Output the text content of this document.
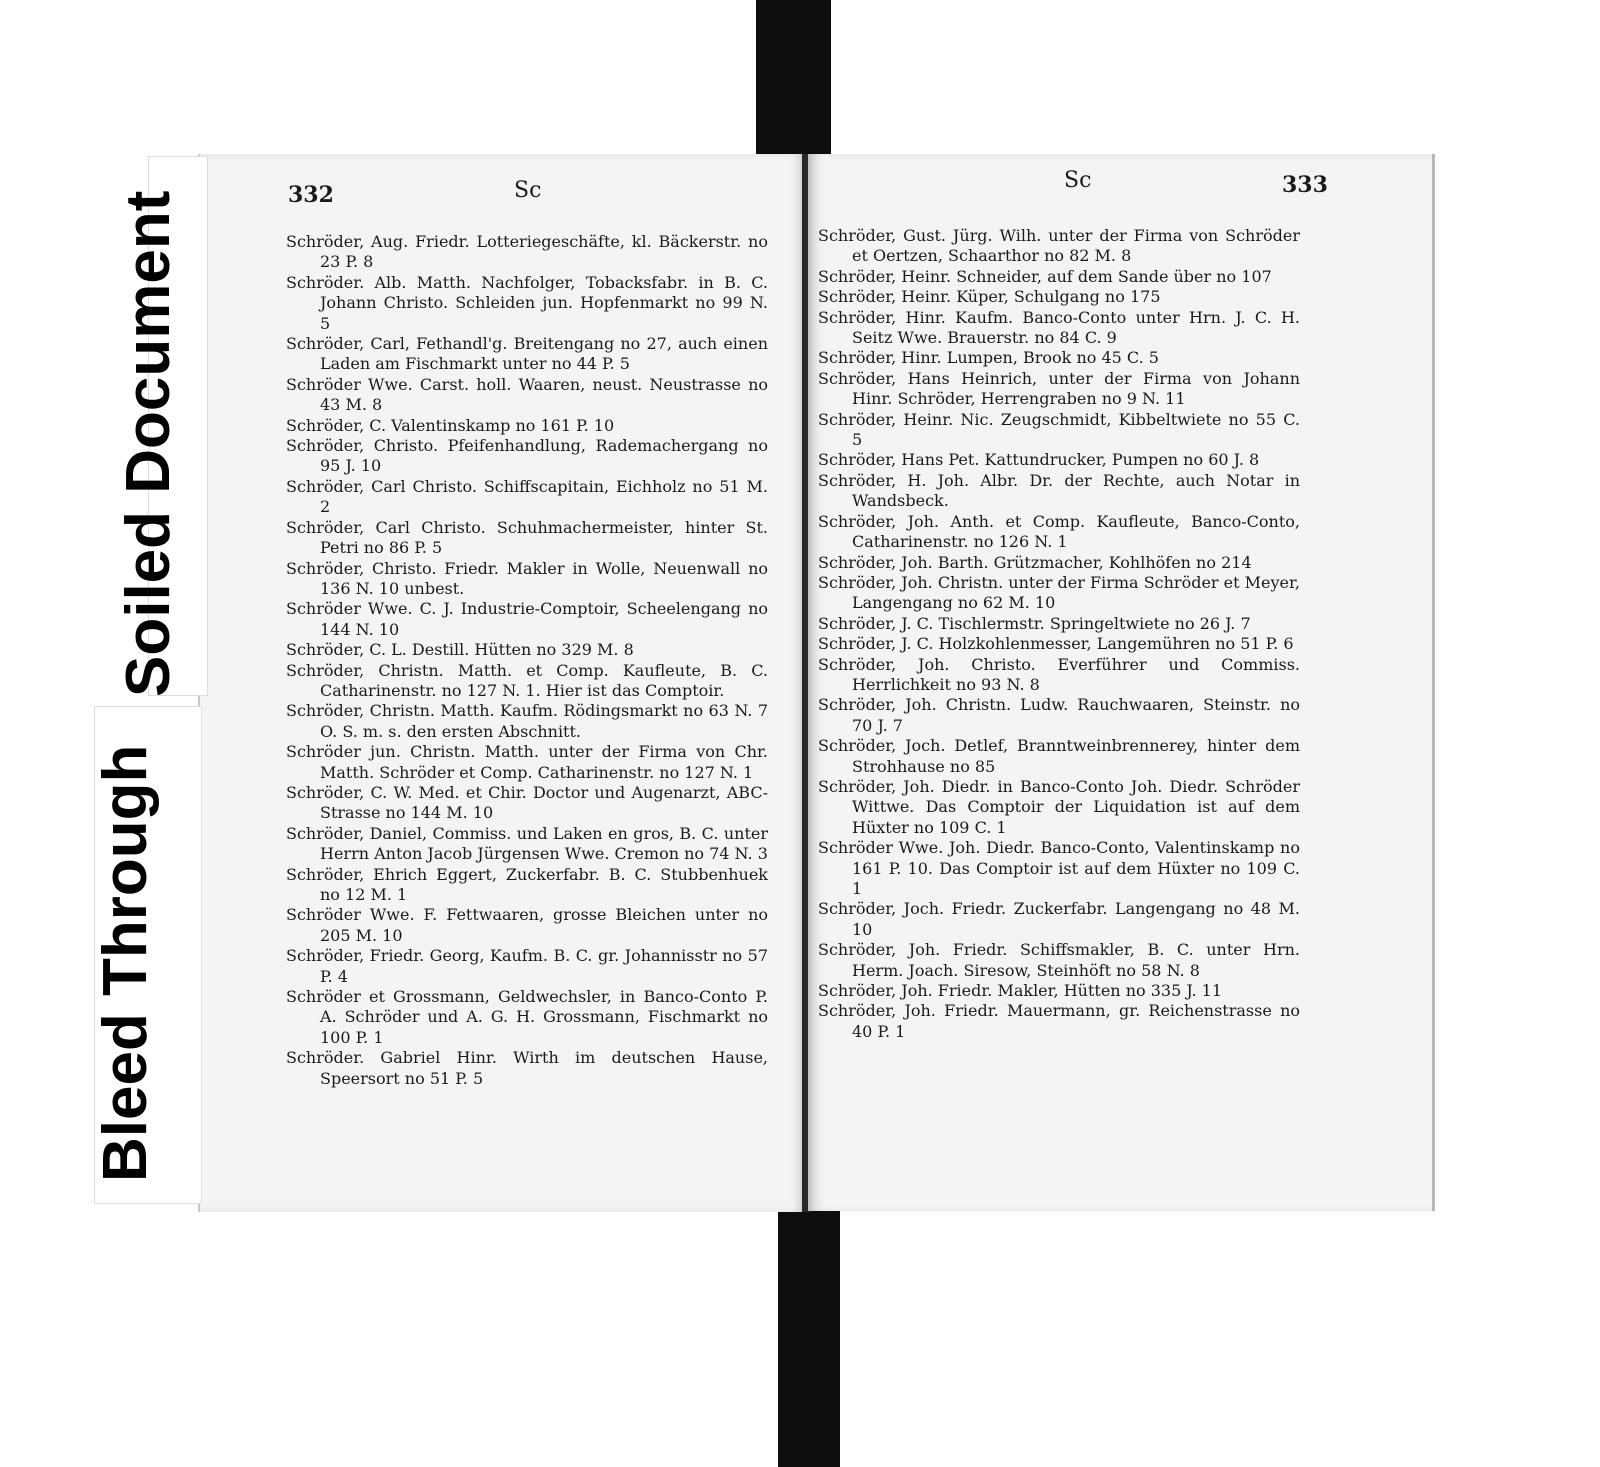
332	Sc
Schröder, Aug. Friedr. Lotteriegeschäfte, kl. Bäckerstr. no 23 P. 8
Schröder. Alb. Matth. Nachfolger, Tobacksfabr. in B. C. Johann Christo. Schleiden jun. Hopfenmarkt no 99 N. 5
Schröder, Carl, Fethandl'g. Breitengang no 27, auch einen Laden am Fischmarkt unter no 44 P. 5
Schröder Wwe. Carst. holl. Waaren, neust. Neustrasse no 43 M. 8
Schröder, C. Valentinskamp no 161 P. 10
Schröder, Christo. Pfeifenhandlung, Rademachergang no 95 J. 10
Schröder, Carl Christo. Schiffscapitain, Eichholz no 51 M. 2
Schröder, Carl Christo. Schuhmachermeister, hinter St. Petri no 86 P. 5
Schröder, Christo. Friedr. Makler in Wolle, Neuenwall no 136 N. 10 unbest.
Schröder Wwe. C. J. Industrie-Comptoir, Scheelengang no 144 N. 10
Schröder, C. L. Destill. Hütten no 329 M. 8
Schröder, Christn. Matth. et Comp. Kaufleute, B. C. Catharinenstr. no 127 N. 1. Hier ist das Comptoir.
Schröder, Christn. Matth. Kaufm. Rödingsmarkt no 63 N. 7 O. S. m. s. den ersten Abschnitt.
Schröder jun. Christn. Matth. unter der Firma von Chr. Matth. Schröder et Comp. Catharinenstr. no 127 N. 1
Schröder, C. W. Med. et Chir. Doctor und Augenarzt, ABC-Strasse no 144 M. 10
Schröder, Daniel, Commiss. und Laken en gros, B. C. unter Herrn Anton Jacob Jürgensen Wwe. Cremon no 74 N. 3
Schröder, Ehrich Eggert, Zuckerfabr. B. C. Stubbenhuek no 12 M. 1
Schröder Wwe. F. Fettwaaren, grosse Bleichen unter no 205 M. 10
Schröder, Friedr. Georg, Kaufm. B. C. gr. Johannisstr no 57 P. 4
Schröder et Grossmann, Geldwechsler, in Banco-Conto P. A. Schröder und A. G. H. Grossmann, Fischmarkt no 100 P. 1
Schröder. Gabriel Hinr. Wirth im deutschen Hause, Speersort no 51 P. 5
Sc	333
Schröder, Gust. Jürg. Wilh. unter der Firma von Schröder et Oertzen, Schaarthor no 82 M. 8
Schröder, Heinr. Schneider, auf dem Sande über no 107
Schröder, Heinr. Küper, Schulgang no 175
Schröder, Hinr. Kaufm. Banco-Conto unter Hrn. J. C. H. Seitz Wwe. Brauerstr. no 84 C. 9
Schröder, Hinr. Lumpen, Brook no 45 C. 5
Schröder, Hans Heinrich, unter der Firma von Johann Hinr. Schröder, Herrengraben no 9 N. 11
Schröder, Heinr. Nic. Zeugschmidt, Kibbeltwiete no 55 C. 5
Schröder, Hans Pet. Kattundrucker, Pumpen no 60 J. 8
Schröder, H. Joh. Albr. Dr. der Rechte, auch Notar in Wandsbeck.
Schröder, Joh. Anth. et Comp. Kaufleute, Banco-Conto, Catharinenstr. no 126 N. 1
Schröder, Joh. Barth. Grützmacher, Kohlhöfen no 214
Schröder, Joh. Christn. unter der Firma Schröder et Meyer, Langengang no 62 M. 10
Schröder, J. C. Tischlermstr. Springeltwiete no 26 J. 7
Schröder, J. C. Holzkohlenmesser, Langemühren no 51 P. 6
Schröder, Joh. Christo. Everführer und Commiss. Herrlichkeit no 93 N. 8
Schröder, Joh. Christn. Ludw. Rauchwaaren, Steinstr. no 70 J. 7
Schröder, Joch. Detlef, Branntweinbrennerey, hinter dem Strohhause no 85
Schröder, Joh. Diedr. in Banco-Conto Joh. Diedr. Schröder Wittwe. Das Comptoir der Liquidation ist auf dem Hüxter no 109 C. 1
Schröder Wwe. Joh. Diedr. Banco-Conto, Valentinskamp no 161 P. 10. Das Comptoir ist auf dem Hüxter no 109 C. 1
Schröder, Joch. Friedr. Zuckerfabr. Langengang no 48 M. 10
Schröder, Joh. Friedr. Schiffsmakler, B. C. unter Hrn. Herm. Joach. Siresow, Steinhöft no 58 N. 8
Schröder, Joh. Friedr. Makler, Hütten no 335 J. 11
Schröder, Joh. Friedr. Mauermann, gr. Reichenstrasse no 40 P. 1
Soiled Document
Bleed Through
